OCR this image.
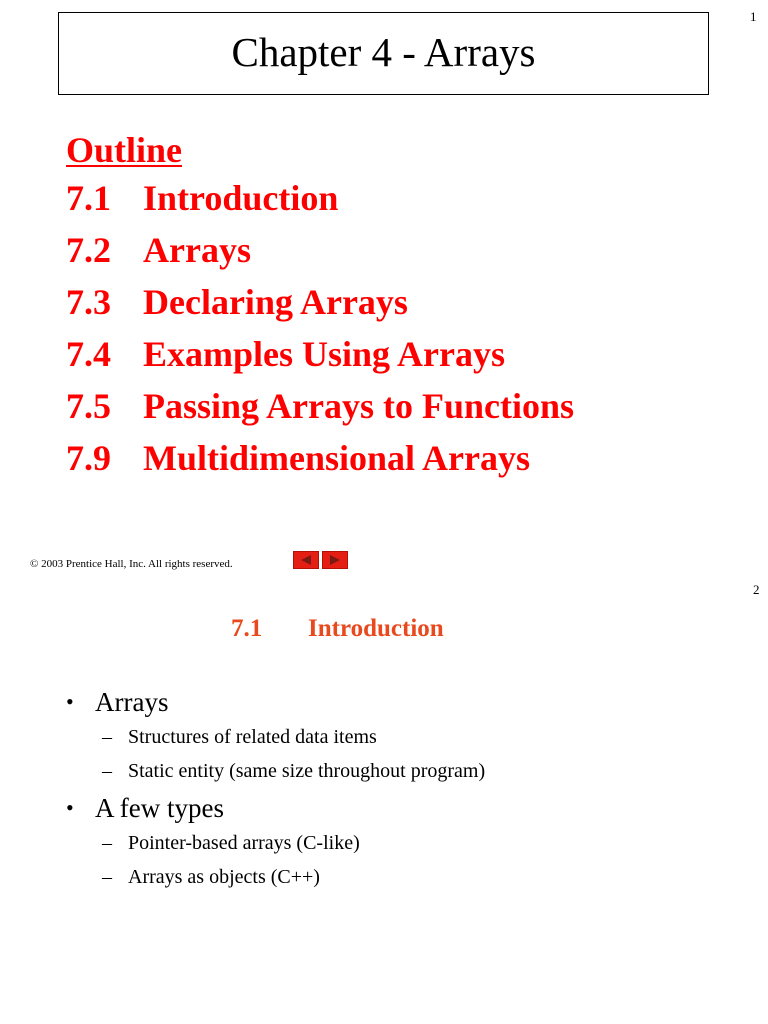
1
Chapter 4 - Arrays
Outline
7.1 Introduction
7.2 Arrays
7.3 Declaring Arrays
7.4 Examples Using Arrays
7.5 Passing Arrays to Functions
7.9 Multidimensional Arrays
© 2003 Prentice Hall, Inc. All rights reserved.
2
7.1	Introduction
• Arrays
– Structures of related data items
– Static entity (same size throughout program)
• A few types
– Pointer-based arrays (C-like)
– Arrays as objects (C++)
